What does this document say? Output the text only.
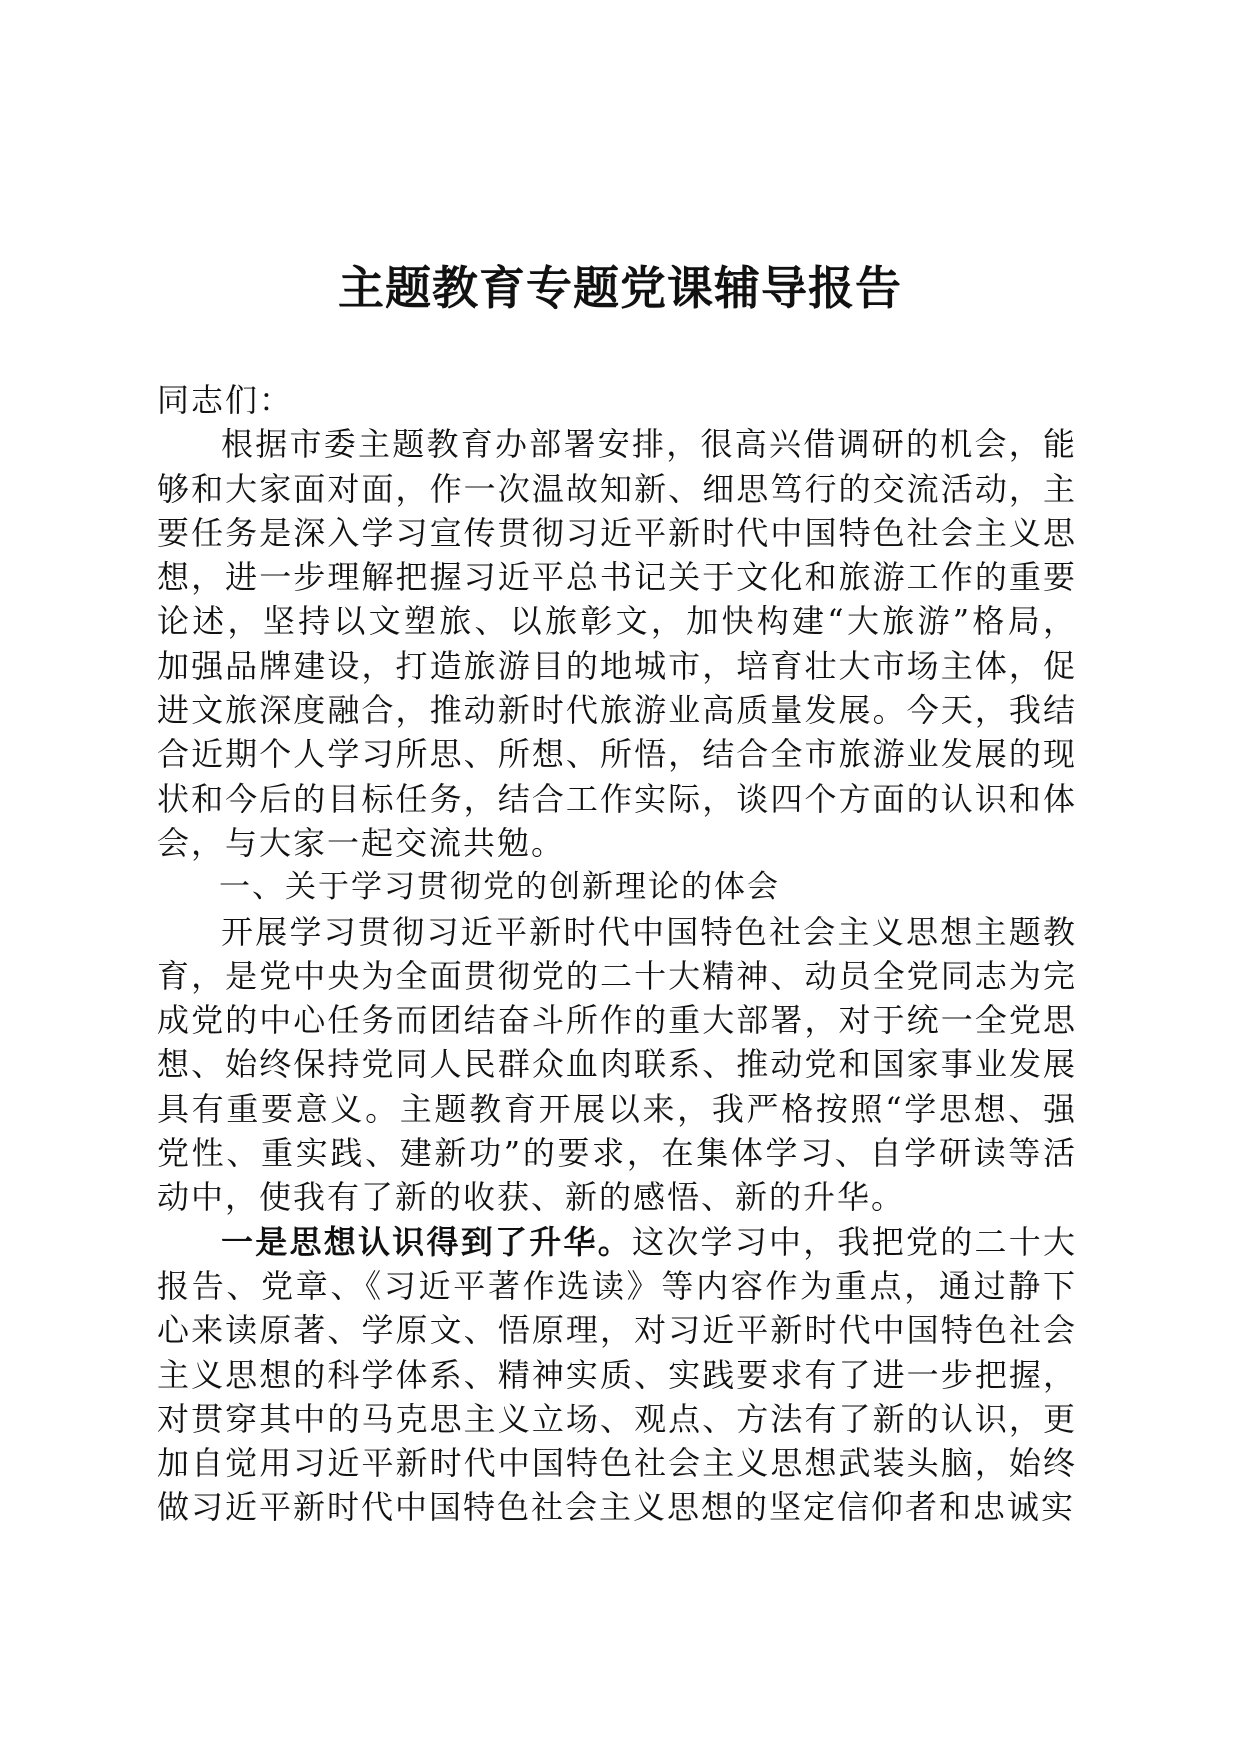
主题教育专题党课辅导报告

同志们：

根据市委主题教育办部署安排，很高兴借调研的机会，能够和大家面对面，作一次温故知新、细思笃行的交流活动，主要任务是深入学习宣传贯彻习近平新时代中国特色社会主义思想，进一步理解把握习近平总书记关于文化和旅游工作的重要论述，坚持以文塑旅、以旅彰文，加快构建“大旅游”格局，加强品牌建设，打造旅游目的地城市，培育壮大市场主体，促进文旅深度融合，推动新时代旅游业高质量发展。今天，我结合近期个人学习所思、所想、所悟，结合全市旅游业发展的现状和今后的目标任务，结合工作实际，谈四个方面的认识和体会，与大家一起交流共勉。

一、关于学习贯彻党的创新理论的体会

开展学习贯彻习近平新时代中国特色社会主义思想主题教育，是党中央为全面贯彻党的二十大精神、动员全党同志为完成党的中心任务而团结奋斗所作的重大部署，对于统一全党思想、始终保持党同人民群众血肉联系、推动党和国家事业发展具有重要意义。主题教育开展以来，我严格按照“学思想、强党性、重实践、建新功”的要求，在集体学习、自学研读等活动中，使我有了新的收获、新的感悟、新的升华。

一是思想认识得到了升华。这次学习中，我把党的二十大报告、党章、《习近平著作选读》等内容作为重点，通过静下心来读原著、学原文、悟原理，对习近平新时代中国特色社会主义思想的科学体系、精神实质、实践要求有了进一步把握，对贯穿其中的马克思主义立场、观点、方法有了新的认识，更加自觉用习近平新时代中国特色社会主义思想武装头脑，始终做习近平新时代中国特色社会主义思想的坚定信仰者和忠诚实
